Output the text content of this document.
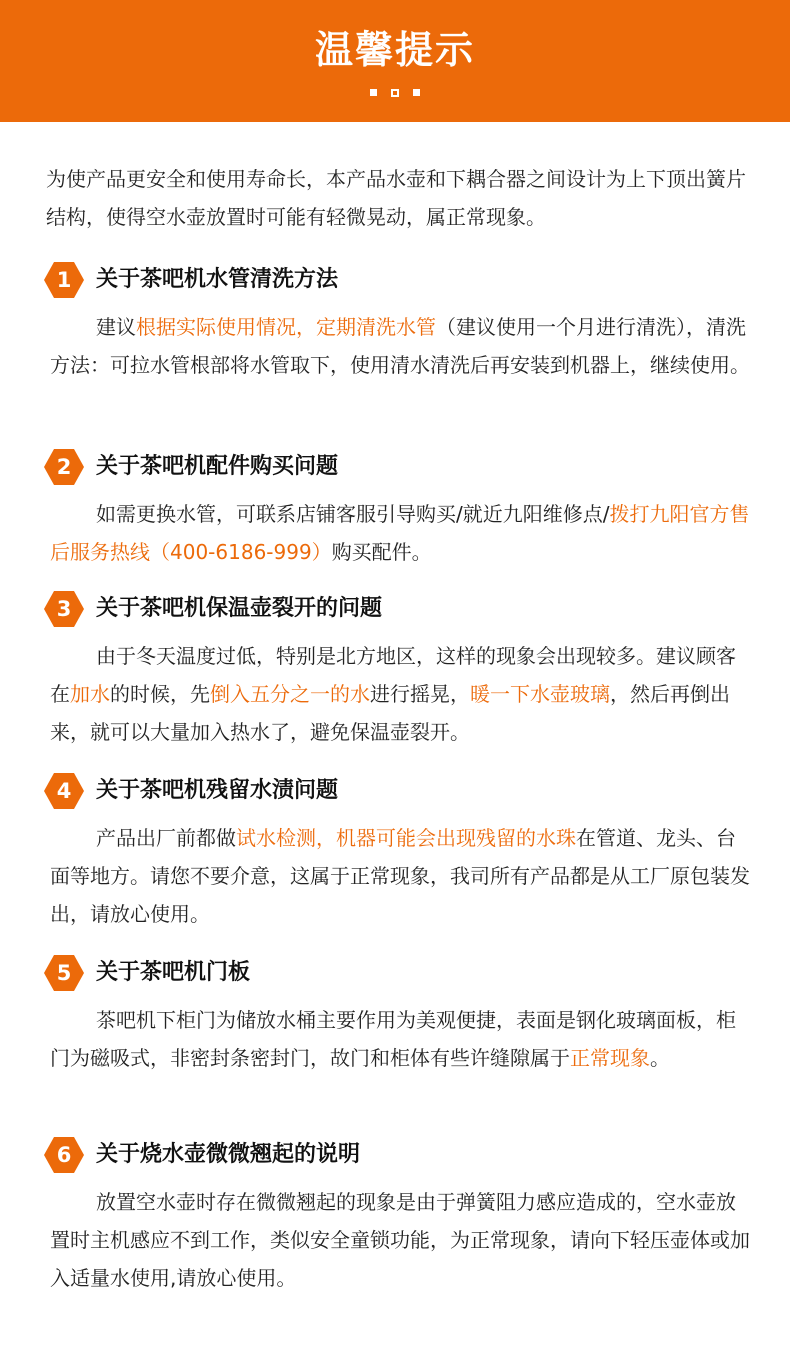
温馨提示
为使产品更安全和使用寿命长，本产品水壶和下耦合器之间设计为上下顶出簧片结构，使得空水壶放置时可能有轻微晃动，属正常现象。
1	关于茶吧机水管清洗方法
建议根据实际使用情况，定期清洗水管（建议使用一个月进行清洗），清洗方法：可拉水管根部将水管取下，使用清水清洗后再安装到机器上，继续使用。
2	关于茶吧机配件购买问题
如需更换水管，可联系店铺客服引导购买/就近九阳维修点/拨打九阳官方售后服务热线（400-6186-999）购买配件。
3	关于茶吧机保温壶裂开的问题
由于冬天温度过低，特别是北方地区，这样的现象会出现较多。建议顾客在加水的时候，先倒入五分之一的水进行摇晃，暖一下水壶玻璃，然后再倒出来，就可以大量加入热水了，避免保温壶裂开。
4	关于茶吧机残留水渍问题
产品出厂前都做试水检测，机器可能会出现残留的水珠在管道、龙头、台面等地方。请您不要介意，这属于正常现象，我司所有产品都是从工厂原包装发出，请放心使用。
5	关于茶吧机门板
茶吧机下柜门为储放水桶主要作用为美观便捷，表面是钢化玻璃面板，柜门为磁吸式，非密封条密封门，故门和柜体有些许缝隙属于正常现象。
6	关于烧水壶微微翘起的说明
放置空水壶时存在微微翘起的现象是由于弹簧阻力感应造成的，空水壶放置时主机感应不到工作，类似安全童锁功能，为正常现象，请向下轻压壶体或加入适量水使用,请放心使用。
